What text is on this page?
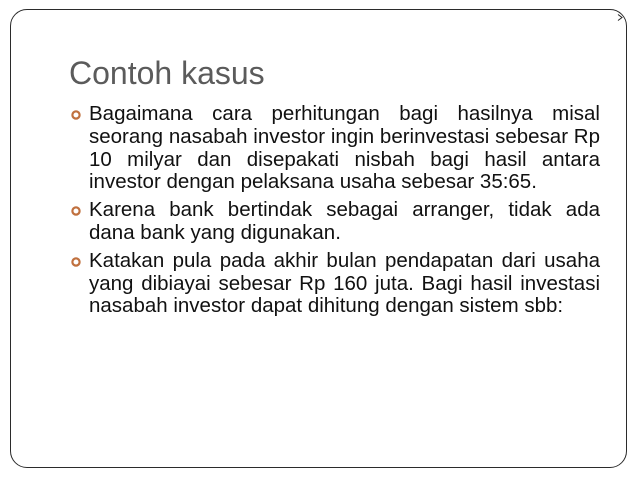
Contoh kasus
Bagaimana cara perhitungan bagi hasilnya misal seorang nasabah investor ingin berinvestasi sebesar Rp 10 milyar dan disepakati nisbah bagi hasil antara investor dengan pelaksana usaha sebesar 35:65.
Karena bank bertindak sebagai arranger, tidak ada dana bank yang digunakan.
Katakan pula pada akhir bulan pendapatan dari usaha yang dibiayai sebesar Rp 160 juta. Bagi hasil investasi nasabah investor dapat dihitung dengan sistem sbb:
